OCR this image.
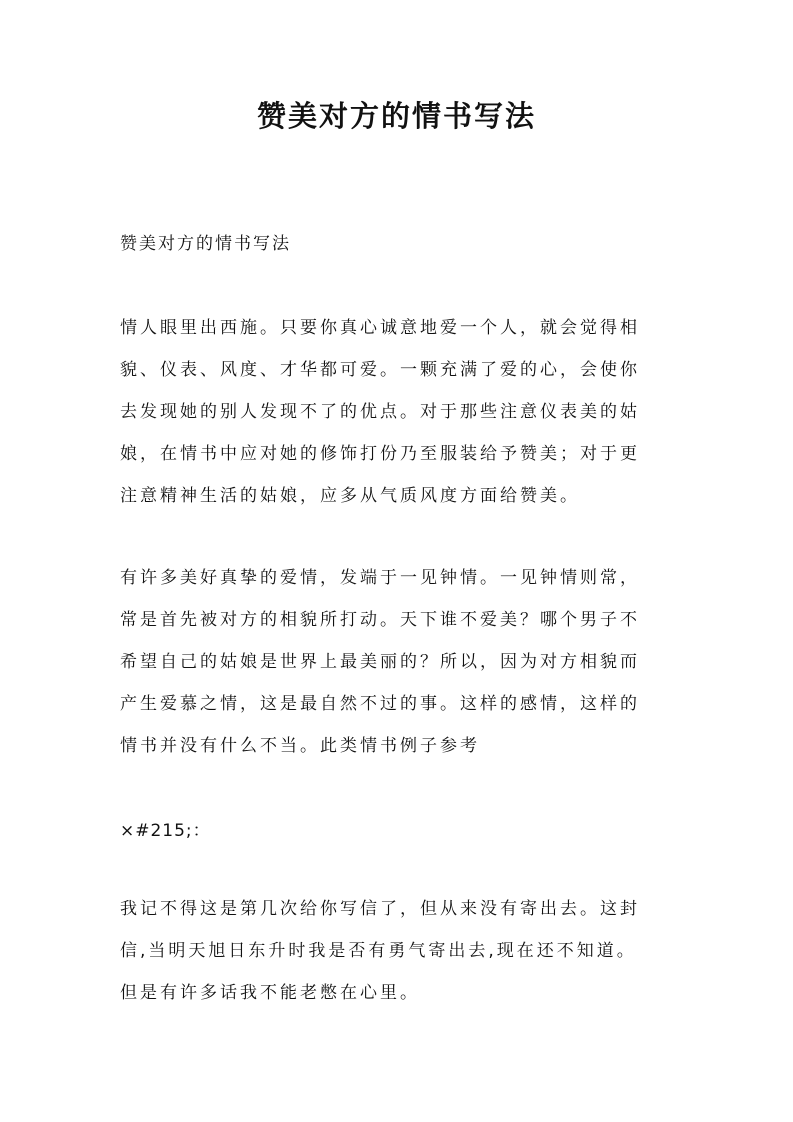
赞美对方的情书写法

赞美对方的情书写法

情人眼里出西施。只要你真心诚意地爱一个人，就会觉得相
貌、仪表、风度、才华都可爱。一颗充满了爱的心，会使你
去发现她的别人发现不了的优点。对于那些注意仪表美的姑
娘，在情书中应对她的修饰打份乃至服装给予赞美；对于更
注意精神生活的姑娘，应多从气质风度方面给赞美。

有许多美好真挚的爱情，发端于一见钟情。一见钟情则常，
常是首先被对方的相貌所打动。天下谁不爱美？哪个男子不
希望自己的姑娘是世界上最美丽的？所以，因为对方相貌而
产生爱慕之情，这是最自然不过的事。这样的感情，这样的
情书并没有什么不当。此类情书例子参考

×#215;：

我记不得这是第几次给你写信了，但从来没有寄出去。这封
信,当明天旭日东升时我是否有勇气寄出去,现在还不知道。
但是有许多话我不能老憋在心里。
